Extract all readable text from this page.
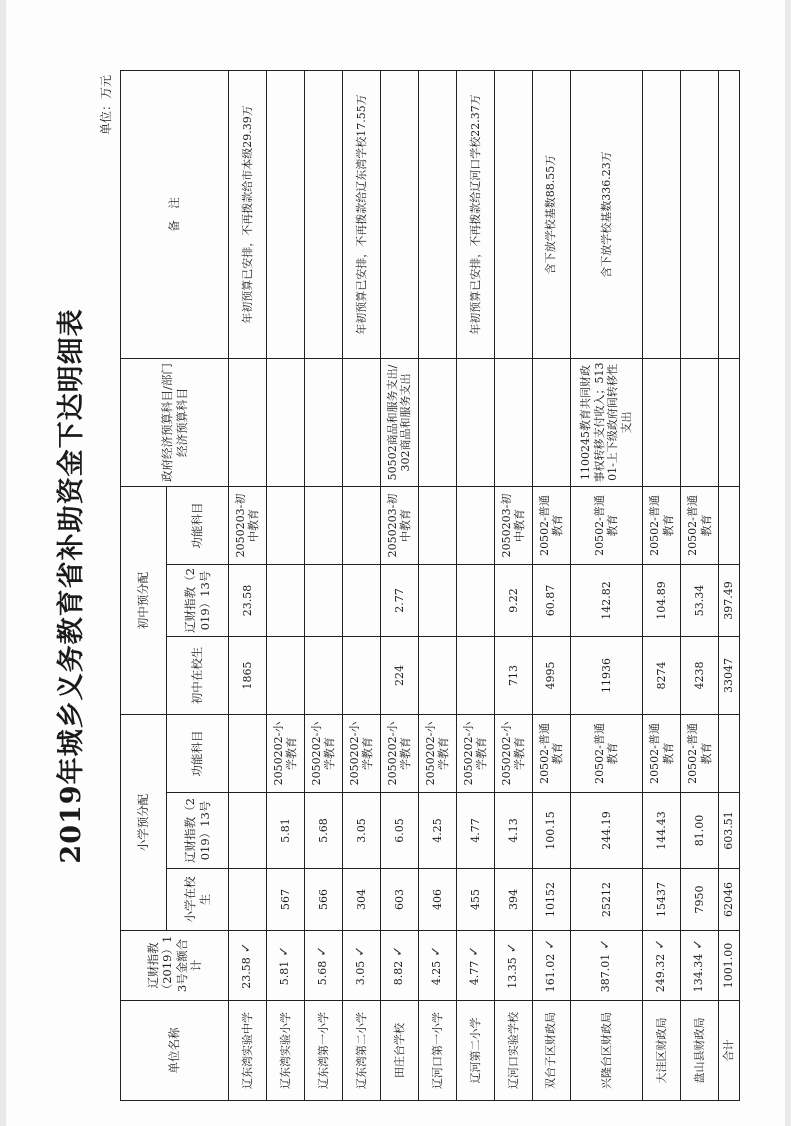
2019年城乡义务教育省补助资金下达明细表
单位：万元
单位名称	辽财指教（2019）13号金额合计	小学预分配			初中预分配			政府经济预算科目/部门经济预算科目	备　注
		小学在校生	辽财指教（2019）13号	功能科目	初中在校生	辽财指教（2019）13号	功能科目		
辽东湾实验中学	23.58✓				1865	23.58	2050203-初中教育		年初预算已安排，不再拨款给市本级29.39万
辽东湾实验小学	5.81✓	567	5.81	2050202-小学教育					
辽东湾第一小学	5.68✓	566	5.68	2050202-小学教育					
辽东湾第二小学	3.05✓	304	3.05	2050202-小学教育					年初预算已安排，不再拨款给辽东湾学校17.55万
田庄台学校	8.82✓	603	6.05	2050202-小学教育	224	2.77	2050203-初中教育	50502商品和服务支出/302商品和服务支出	
辽河口第一小学	4.25✓	406	4.25	2050202-小学教育					
辽河第二小学	4.77✓	455	4.77	2050202-小学教育					年初预算已安排，不再拨款给辽河口学校22.37万
辽河口实验学校	13.35✓	394	4.13	2050202-小学教育	713	9.22	2050203-初中教育		
双台子区财政局	161.02✓	10152	100.15	20502-普通教育	4995	60.87	20502-普通教育		含下放学校基数88.55万
兴隆台区财政局	387.01✓	25212	244.19	20502-普通教育	11936	142.82	20502-普通教育	1100245教育共同财政事权转移支付收入；51301-上下级政府间转移性支出	含下放学校基数336.23万
大洼区财政局	249.32✓	15437	144.43	20502-普通教育	8274	104.89	20502-普通教育		
盘山县财政局	134.34✓	7950	81.00	20502-普通教育	4238	53.34	20502-普通教育		
合计	1001.00	62046	603.51		33047	397.49			
